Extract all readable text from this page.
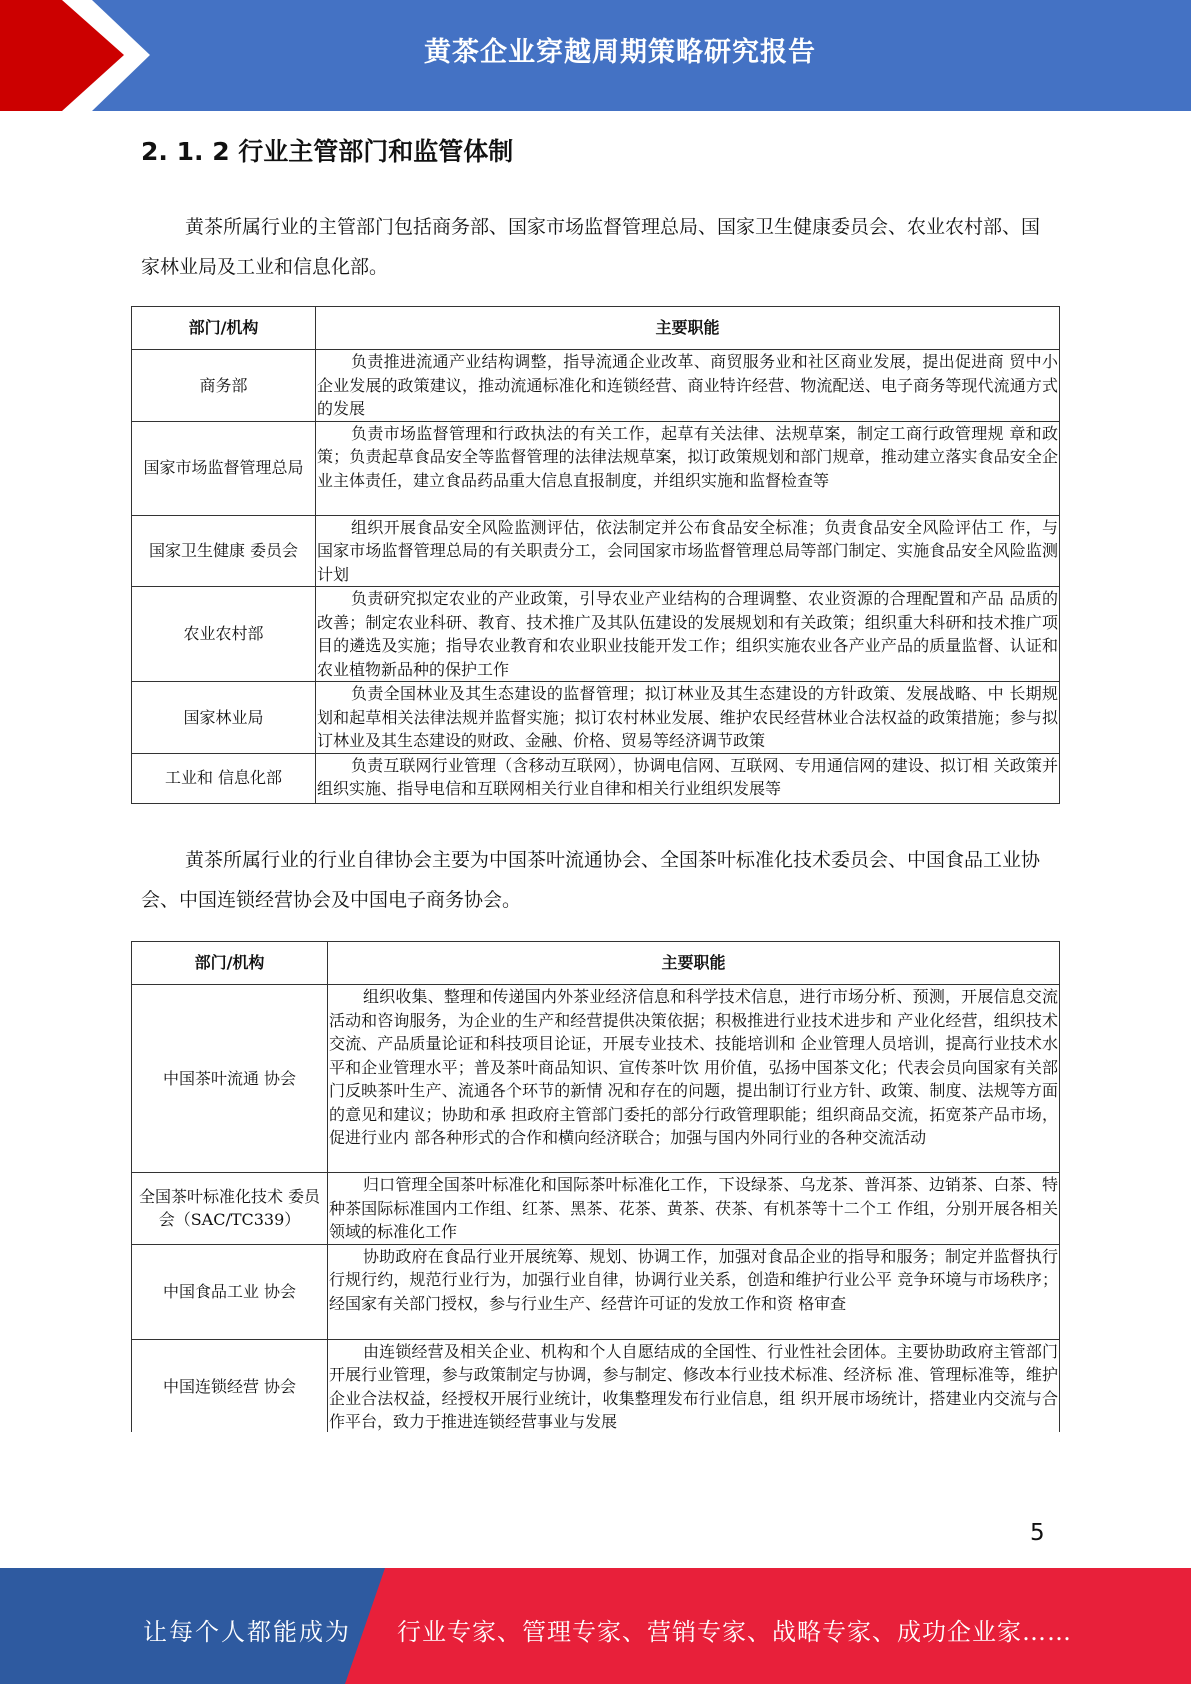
黄茶企业穿越周期策略研究报告
2. 1. 2 行业主管部门和监管体制

黄茶所属行业的主管部门包括商务部、国家市场监督管理总局、国家卫生健康委员会、农业农村部、国家林业局及工业和信息化部。

部门/机构	主要职能
商务部	负责推进流通产业结构调整，指导流通企业改革、商贸服务业和社区商业发展，提出促进商 贸中小企业发展的政策建议，推动流通标准化和连锁经营、商业特许经营、物流配送、电子商务等现代流通方式的发展
国家市场监督管理总局	负责市场监督管理和行政执法的有关工作，起草有关法律、法规草案，制定工商行政管理规 章和政策；负责起草食品安全等监督管理的法律法规草案，拟订政策规划和部门规章，推动建立落实食品安全企业主体责任，建立食品药品重大信息直报制度，并组织实施和监督检查等
国家卫生健康 委员会	组织开展食品安全风险监测评估，依法制定并公布食品安全标准；负责食品安全风险评估工 作，与国家市场监督管理总局的有关职责分工，会同国家市场监督管理总局等部门制定、实施食品安全风险监测计划
农业农村部	负责研究拟定农业的产业政策，引导农业产业结构的合理调整、农业资源的合理配置和产品 品质的改善；制定农业科研、教育、技术推广及其队伍建设的发展规划和有关政策；组织重大科研和技术推广项目的遴选及实施；指导农业教育和农业职业技能开发工作；组织实施农业各产业产品的质量监督、认证和农业植物新品种的保护工作
国家林业局	负责全国林业及其生态建设的监督管理；拟订林业及其生态建设的方针政策、发展战略、中 长期规划和起草相关法律法规并监督实施；拟订农村林业发展、维护农民经营林业合法权益的政策措施；参与拟订林业及其生态建设的财政、金融、价格、贸易等经济调节政策
工业和 信息化部	负责互联网行业管理（含移动互联网），协调电信网、互联网、专用通信网的建设、拟订相 关政策并组织实施、指导电信和互联网相关行业自律和相关行业组织发展等

黄茶所属行业的行业自律协会主要为中国茶叶流通协会、全国茶叶标准化技术委员会、中国食品工业协会、中国连锁经营协会及中国电子商务协会。

部门/机构	主要职能
中国茶叶流通 协会	组织收集、整理和传递国内外茶业经济信息和科学技术信息，进行市场分析、预测，开展信息交流活动和咨询服务，为企业的生产和经营提供决策依据；积极推进行业技术进步和 产业化经营，组织技术交流、产品质量论证和科技项目论证，开展专业技术、技能培训和 企业管理人员培训，提高行业技术水平和企业管理水平；普及茶叶商品知识、宣传茶叶饮 用价值，弘扬中国茶文化；代表会员向国家有关部门反映茶叶生产、流通各个环节的新情 况和存在的问题，提出制订行业方针、政策、制度、法规等方面的意见和建议；协助和承 担政府主管部门委托的部分行政管理职能；组织商品交流，拓宽茶产品市场，促进行业内 部各种形式的合作和横向经济联合；加强与国内外同行业的各种交流活动
全国茶叶标准化技术 委员会（SAC/TC339）	归口管理全国茶叶标准化和国际茶叶标准化工作，下设绿茶、乌龙茶、普洱茶、边销茶、白茶、特种茶国际标准国内工作组、红茶、黑茶、花茶、黄茶、茯茶、有机茶等十二个工 作组，分别开展各相关领域的标准化工作
中国食品工业 协会	协助政府在食品行业开展统筹、规划、协调工作，加强对食品企业的指导和服务；制定并监督执行行规行约，规范行业行为，加强行业自律，协调行业关系，创造和维护行业公平 竞争环境与市场秩序；经国家有关部门授权，参与行业生产、经营许可证的发放工作和资 格审查
中国连锁经营 协会	由连锁经营及相关企业、机构和个人自愿结成的全国性、行业性社会团体。主要协助政府主管部门开展行业管理，参与政策制定与协调，参与制定、修改本行业技术标准、经济标 准、管理标准等，维护企业合法权益，经授权开展行业统计，收集整理发布行业信息，组 织开展市场统计，搭建业内交流与合作平台，致力于推进连锁经营事业与发展
5
让每个人都能成为 行业专家、管理专家、营销专家、战略专家、成功企业家……
